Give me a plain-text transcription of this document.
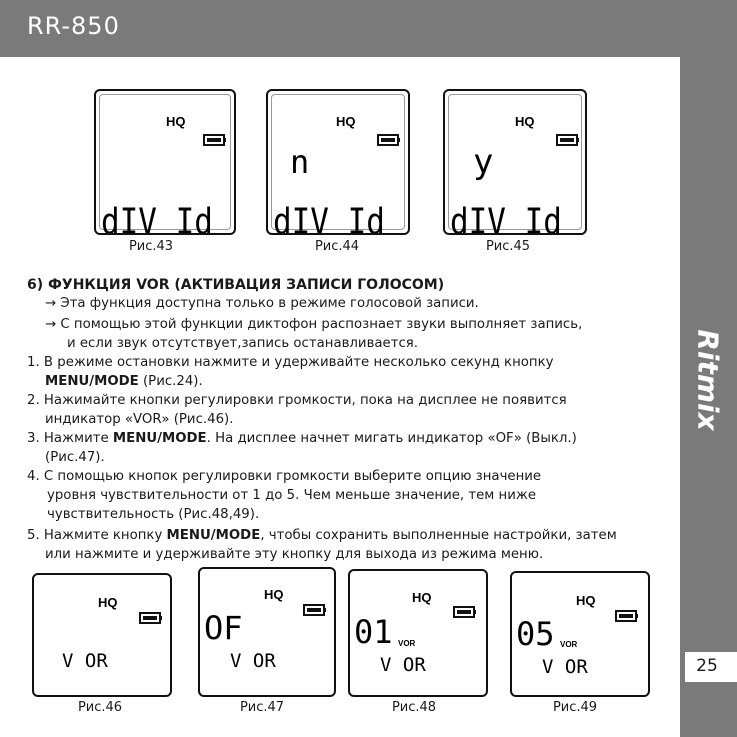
RR-850
Ritmix
25
HQ
dIV Id
Рис.43
HQ
n
dIV Id
Рис.44
HQ
y
dIV Id
Рис.45
6) ФУНКЦИЯ VOR (АКТИВАЦИЯ ЗАПИСИ ГОЛОСОМ)
→ Эта функция доступна только в режиме голосовой записи.
→ С помощью этой функции диктофон распознает звуки выполняет запись,
и если звук отсутствует,запись останавливается.
1. В режиме остановки нажмите и удерживайте несколько секунд кнопку
MENU/MODE (Рис.24).
2. Нажимайте кнопки регулировки громкости, пока на дисплее не появится
индикатор «VOR» (Рис.46).
3. Нажмите MENU/MODE. На дисплее начнет мигать индикатор «OF» (Выкл.)
(Рис.47).
4. С помощью кнопок регулировки громкости выберите опцию значение
уровня чувствительности от 1 до 5. Чем меньше значение, тем ниже
чувствительность (Рис.48,49).
5. Нажмите кнопку MENU/MODE, чтобы сохранить выполненные настройки, затем
или нажмите и удерживайте эту кнопку для выхода из режима меню.
HQ
V OR
Рис.46
HQ
OF
V OR
Рис.47
HQ
01 VOR
V OR
Рис.48
HQ
05 VOR
V OR
Рис.49
